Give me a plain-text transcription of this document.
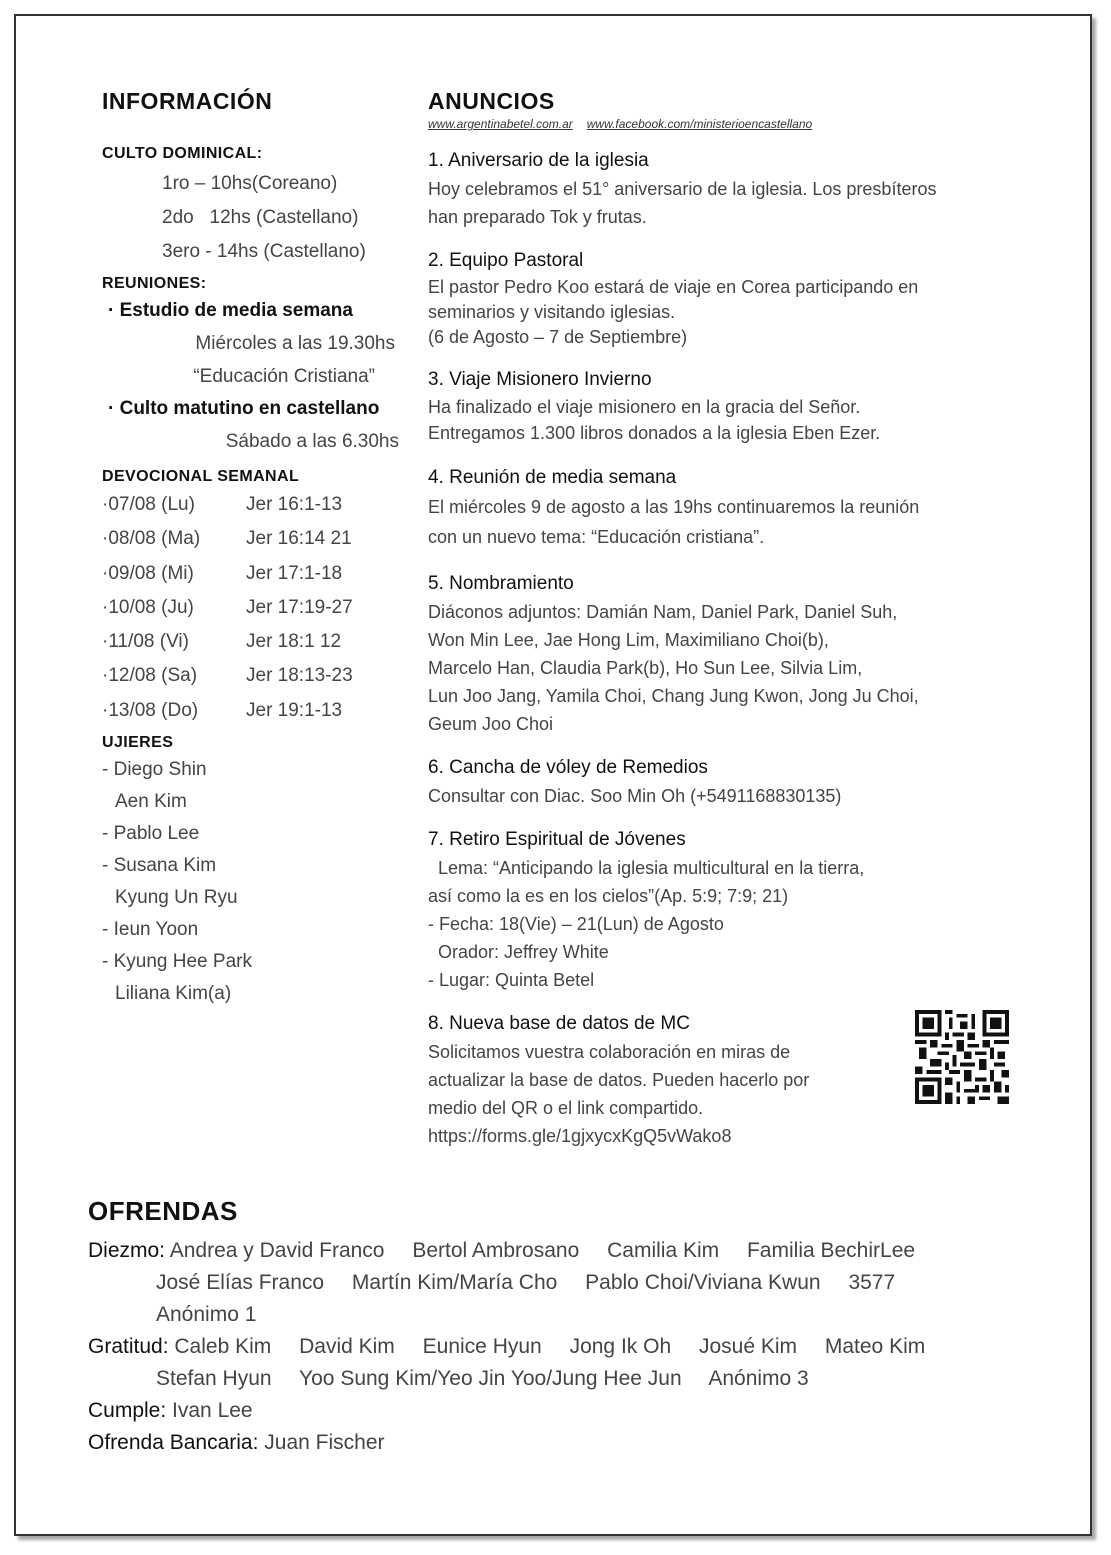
INFORMACIÓN

CULTO DOMINICAL:

1ro – 10hs(Coreano)
2do   12hs (Castellano)
3ero - 14hs (Castellano)

REUNIONES:

· Estudio de media semana
Miércoles a las 19.30hs
“Educación Cristiana”
· Culto matutino en castellano
Sábado a las 6.30hs

DEVOCIONAL SEMANAL

·07/08 (Lu)	Jer 16:1-13
·08/08 (Ma)	Jer 16:14 21
·09/08 (Mi)	Jer 17:1-18
·10/08 (Ju)	Jer 17:19-27
·11/08 (Vi)	Jer 18:1 12
·12/08 (Sa)	Jer 18:13-23
·13/08 (Do)	Jer 19:1-13

UJIERES

- Diego Shin
Aen Kim
- Pablo Lee
- Susana Kim
Kyung Un Ryu
- Ieun Yoon
- Kyung Hee Park
Liliana Kim(a)
ANUNCIOS
www.argentinabetel.com.ar www.facebook.com/ministerioencastellano
1. Aniversario de la iglesia
Hoy celebramos el 51° aniversario de la iglesia. Los presbíteros
han preparado Tok y frutas.
2. Equipo Pastoral
El pastor Pedro Koo estará de viaje en Corea participando en
seminarios y visitando iglesias.
(6 de Agosto – 7 de Septiembre)
3. Viaje Misionero Invierno
Ha finalizado el viaje misionero en la gracia del Señor.
Entregamos 1.300 libros donados a la iglesia Eben Ezer.
4. Reunión de media semana
El miércoles 9 de agosto a las 19hs continuaremos la reunión
con un nuevo tema: “Educación cristiana”.
5. Nombramiento
Diáconos adjuntos: Damián Nam, Daniel Park, Daniel Suh,
Won Min Lee, Jae Hong Lim, Maximiliano Choi(b),
Marcelo Han, Claudia Park(b), Ho Sun Lee, Silvia Lim,
Lun Joo Jang, Yamila Choi, Chang Jung Kwon, Jong Ju Choi,
Geum Joo Choi
6. Cancha de vóley de Remedios
Consultar con Diac. Soo Min Oh (+5491168830135)
7. Retiro Espiritual de Jóvenes
Lema: “Anticipando la iglesia multicultural en la tierra,
así como la es en los cielos”(Ap. 5:9; 7:9; 21)
- Fecha: 18(Vie) – 21(Lun) de Agosto
Orador: Jeffrey White
- Lugar: Quinta Betel
8. Nueva base de datos de MC
Solicitamos vuestra colaboración en miras de
actualizar la base de datos. Pueden hacerlo por
medio del QR o el link compartido.
https://forms.gle/1gjxycxKgQ5vWako8
OFRENDAS
Diezmo: Andrea y David Franco Bertol Ambrosano Camilia Kim Familia BechirLee
José Elías Franco Martín Kim/María Cho Pablo Choi/Viviana Kwun 3577
Anónimo 1
Gratitud: Caleb Kim David Kim Eunice Hyun Jong Ik Oh Josué Kim Mateo Kim
Stefan Hyun Yoo Sung Kim/Yeo Jin Yoo/Jung Hee Jun Anónimo 3
Cumple: Ivan Lee
Ofrenda Bancaria: Juan Fischer
